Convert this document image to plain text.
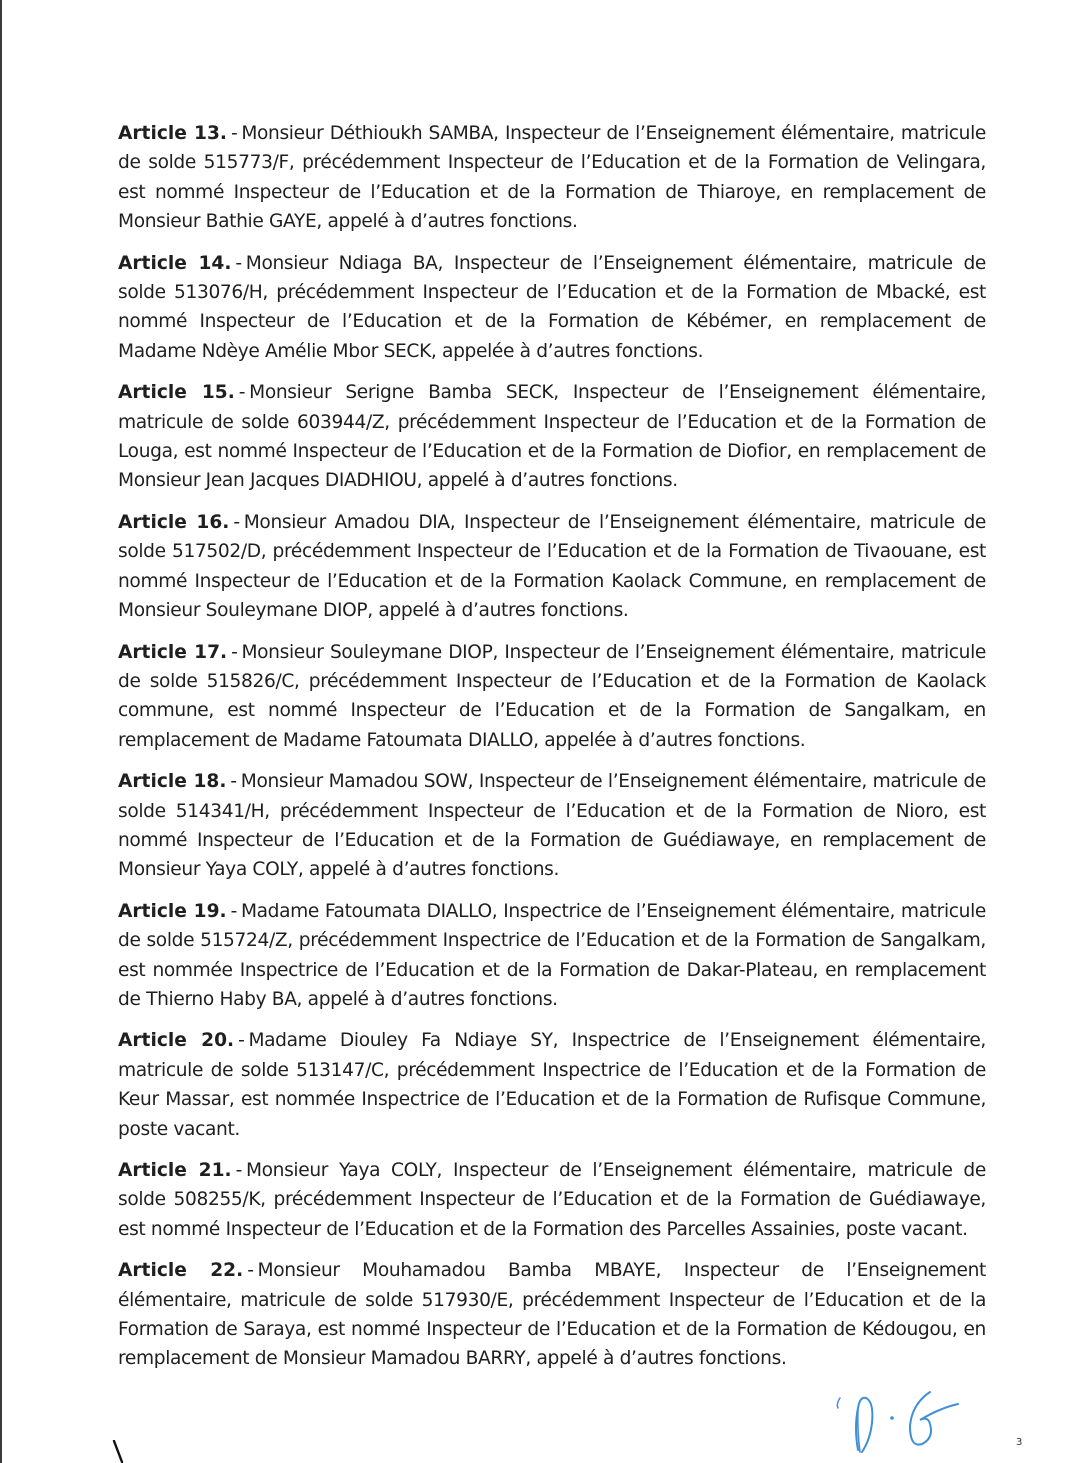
Article 13. - Monsieur Déthioukh SAMBA, Inspecteur de l’Enseignement élémentaire, matricule de solde 515773/F, précédemment Inspecteur de l’Education et de la Formation de Velingara, est nommé Inspecteur de l’Education et de la Formation de Thiaroye, en remplacement de Monsieur Bathie GAYE, appelé à d’autres fonctions.

Article 14. - Monsieur Ndiaga BA, Inspecteur de l’Enseignement élémentaire, matricule de solde 513076/H, précédemment Inspecteur de l’Education et de la Formation de Mbacké, est nommé Inspecteur de l’Education et de la Formation de Kébémer, en remplacement de Madame Ndèye Amélie Mbor SECK, appelée à d’autres fonctions.

Article 15. - Monsieur Serigne Bamba SECK, Inspecteur de l’Enseignement élémentaire, matricule de solde 603944/Z, précédemment Inspecteur de l’Education et de la Formation de Louga, est nommé Inspecteur de l’Education et de la Formation de Diofior, en remplacement de Monsieur Jean Jacques DIADHIOU, appelé à d’autres fonctions.

Article 16. - Monsieur Amadou DIA, Inspecteur de l’Enseignement élémentaire, matricule de solde 517502/D, précédemment Inspecteur de l’Education et de la Formation de Tivaouane, est nommé Inspecteur de l’Education et de la Formation Kaolack Commune, en remplacement de Monsieur Souleymane DIOP, appelé à d’autres fonctions.

Article 17. - Monsieur Souleymane DIOP, Inspecteur de l’Enseignement élémentaire, matricule de solde 515826/C, précédemment Inspecteur de l’Education et de la Formation de Kaolack commune, est nommé Inspecteur de l’Education et de la Formation de Sangalkam, en remplacement de Madame Fatoumata DIALLO, appelée à d’autres fonctions.

Article 18. - Monsieur Mamadou SOW, Inspecteur de l’Enseignement élémentaire, matricule de solde 514341/H, précédemment Inspecteur de l’Education et de la Formation de Nioro, est nommé Inspecteur de l’Education et de la Formation de Guédiawaye, en remplacement de Monsieur Yaya COLY, appelé à d’autres fonctions.

Article 19. - Madame Fatoumata DIALLO, Inspectrice de l’Enseignement élémentaire, matricule de solde 515724/Z, précédemment Inspectrice de l’Education et de la Formation de Sangalkam, est nommée Inspectrice de l’Education et de la Formation de Dakar-Plateau, en remplacement de Thierno Haby BA, appelé à d’autres fonctions.

Article 20. - Madame Diouley Fa Ndiaye SY, Inspectrice de l’Enseignement élémentaire, matricule de solde 513147/C, précédemment Inspectrice de l’Education et de la Formation de Keur Massar, est nommée Inspectrice de l’Education et de la Formation de Rufisque Commune, poste vacant.

Article 21. - Monsieur Yaya COLY, Inspecteur de l’Enseignement élémentaire, matricule de solde 508255/K, précédemment Inspecteur de l’Education et de la Formation de Guédiawaye, est nommé Inspecteur de l’Education et de la Formation des Parcelles Assainies, poste vacant.

Article 22. - Monsieur Mouhamadou Bamba MBAYE, Inspecteur de l’Enseignement élémentaire, matricule de solde 517930/E, précédemment Inspecteur de l’Education et de la Formation de Saraya, est nommé Inspecteur de l’Education et de la Formation de Kédougou, en remplacement de Monsieur Mamadou BARRY, appelé à d’autres fonctions.

3
